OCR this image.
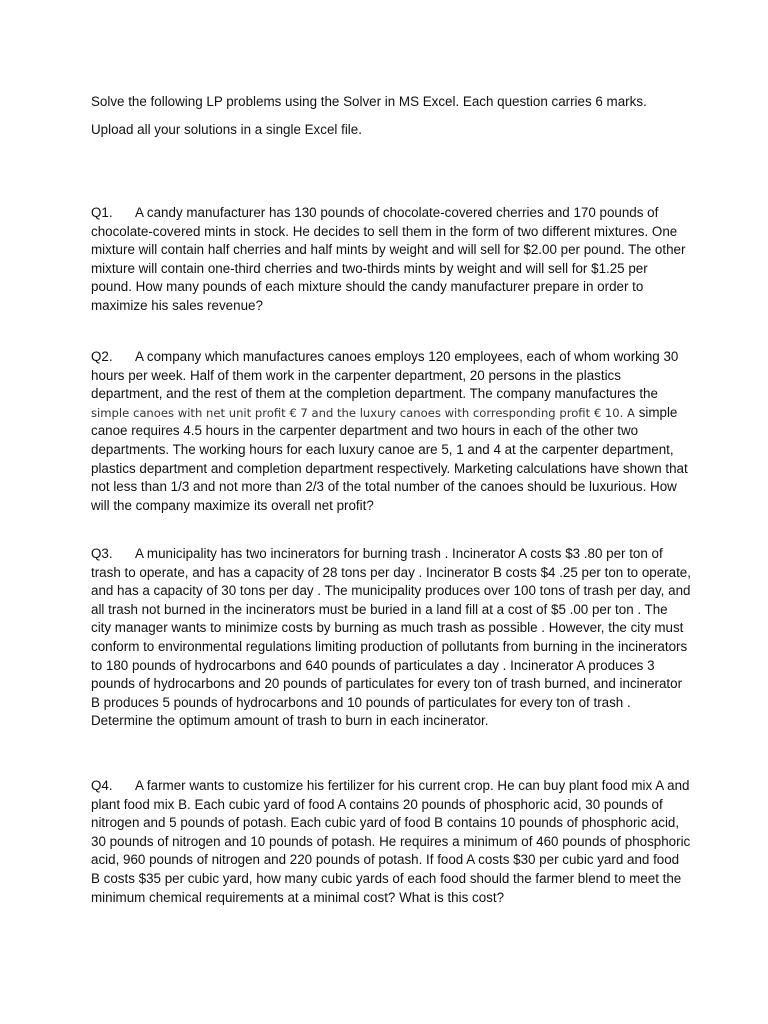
Solve the following LP problems using the Solver in MS Excel. Each question carries 6 marks.

Upload all your solutions in a single Excel file.

Q1. A candy manufacturer has 130 pounds of chocolate-covered cherries and 170 pounds of chocolate-covered mints in stock. He decides to sell them in the form of two different mixtures. One mixture will contain half cherries and half mints by weight and will sell for $2.00 per pound. The other mixture will contain one-third cherries and two-thirds mints by weight and will sell for $1.25 per pound. How many pounds of each mixture should the candy manufacturer prepare in order to maximize his sales revenue?
Q2. A company which manufactures canoes employs 120 employees, each of whom working 30 hours per week. Half of them work in the carpenter department, 20 persons in the plastics department, and the rest of them at the completion department. The company manufactures the simple canoes with net unit profit € 7 and the luxury canoes with corresponding profit € 10. A simple canoe requires 4.5 hours in the carpenter department and two hours in each of the other two departments. The working hours for each luxury canoe are 5, 1 and 4 at the carpenter department, plastics department and completion department respectively. Marketing calculations have shown that not less than 1/3 and not more than 2/3 of the total number of the canoes should be luxurious. How will the company maximize its overall net profit?
Q3. A municipality has two incinerators for burning trash . Incinerator A costs $3 .80 per ton of trash to operate, and has a capacity of 28 tons per day . Incinerator B costs $4 .25 per ton to operate, and has a capacity of 30 tons per day . The municipality produces over 100 tons of trash per day, and all trash not burned in the incinerators must be buried in a land fill at a cost of $5 .00 per ton . The city manager wants to minimize costs by burning as much trash as possible . However, the city must conform to environmental regulations limiting production of pollutants from burning in the incinerators to 180 pounds of hydrocarbons and 640 pounds of particulates a day . Incinerator A produces 3 pounds of hydrocarbons and 20 pounds of particulates for every ton of trash burned, and incinerator B produces 5 pounds of hydrocarbons and 10 pounds of particulates for every ton of trash . Determine the optimum amount of trash to burn in each incinerator.
Q4. A farmer wants to customize his fertilizer for his current crop. He can buy plant food mix A and plant food mix B. Each cubic yard of food A contains 20 pounds of phosphoric acid, 30 pounds of nitrogen and 5 pounds of potash. Each cubic yard of food B contains 10 pounds of phosphoric acid, 30 pounds of nitrogen and 10 pounds of potash. He requires a minimum of 460 pounds of phosphoric acid, 960 pounds of nitrogen and 220 pounds of potash. If food A costs $30 per cubic yard and food B costs $35 per cubic yard, how many cubic yards of each food should the farmer blend to meet the minimum chemical requirements at a minimal cost? What is this cost?
